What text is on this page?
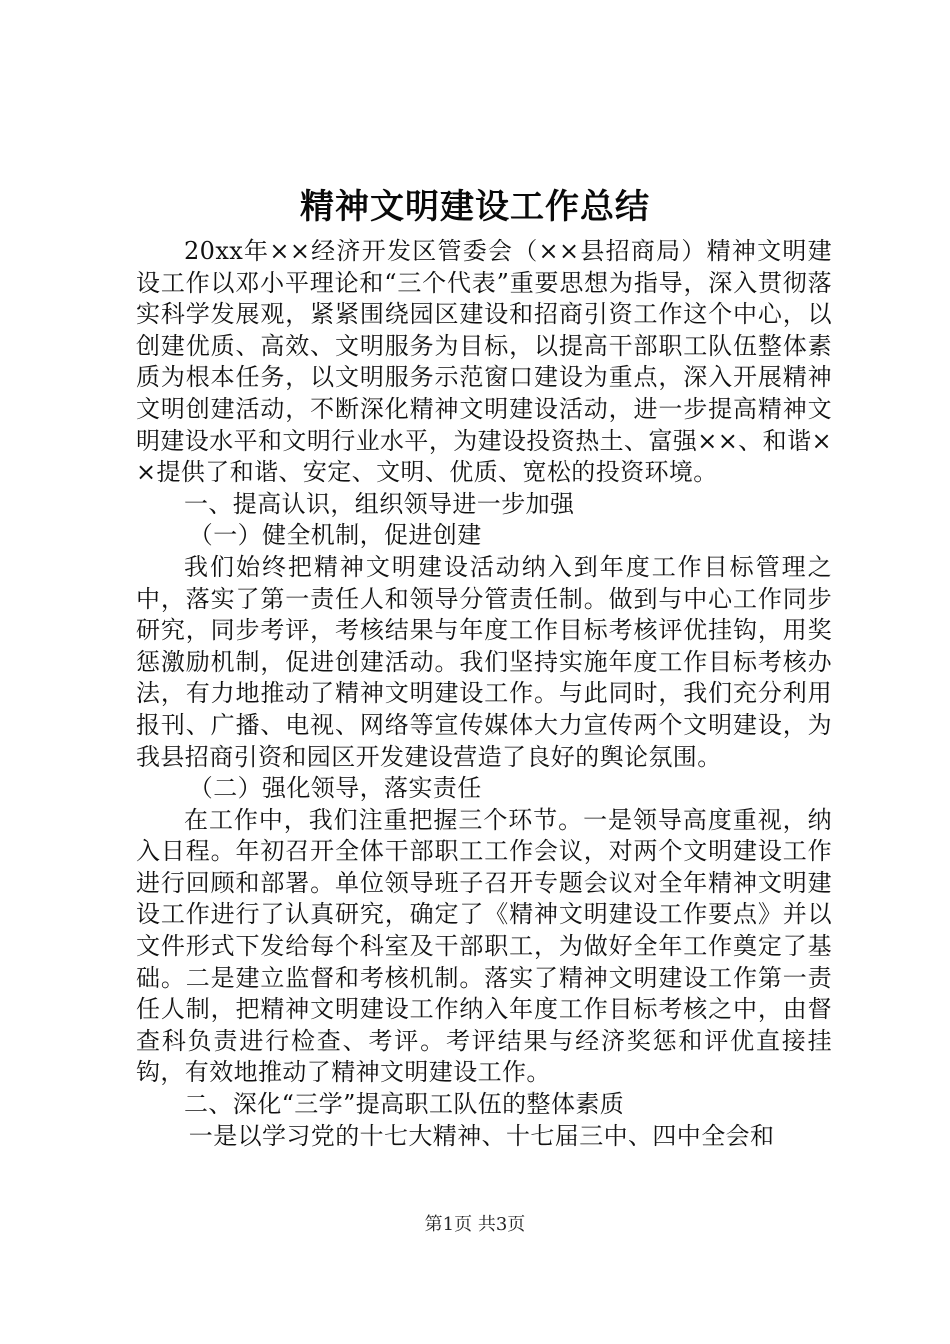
精神文明建设工作总结

20xx年××经济开发区管委会（××县招商局）精神文明建设工作以邓小平理论和“三个代表”重要思想为指导，深入贯彻落实科学发展观，紧紧围绕园区建设和招商引资工作这个中心，以创建优质、高效、文明服务为目标，以提高干部职工队伍整体素质为根本任务，以文明服务示范窗口建设为重点，深入开展精神文明创建活动，不断深化精神文明建设活动，进一步提高精神文明建设水平和文明行业水平，为建设投资热土、富强××、和谐××提供了和谐、安定、文明、优质、宽松的投资环境。

一、提高认识，组织领导进一步加强

（一）健全机制，促进创建

我们始终把精神文明建设活动纳入到年度工作目标管理之中，落实了第一责任人和领导分管责任制。做到与中心工作同步研究，同步考评，考核结果与年度工作目标考核评优挂钩，用奖惩激励机制，促进创建活动。我们坚持实施年度工作目标考核办法，有力地推动了精神文明建设工作。与此同时，我们充分利用报刊、广播、电视、网络等宣传媒体大力宣传两个文明建设，为我县招商引资和园区开发建设营造了良好的舆论氛围。

（二）强化领导，落实责任

在工作中，我们注重把握三个环节。一是领导高度重视，纳入日程。年初召开全体干部职工工作会议，对两个文明建设工作进行回顾和部署。单位领导班子召开专题会议对全年精神文明建设工作进行了认真研究，确定了《精神文明建设工作要点》并以文件形式下发给每个科室及干部职工，为做好全年工作奠定了基础。二是建立监督和考核机制。落实了精神文明建设工作第一责任人制，把精神文明建设工作纳入年度工作目标考核之中，由督查科负责进行检查、考评。考评结果与经济奖惩和评优直接挂钩，有效地推动了精神文明建设工作。

二、深化“三学”提高职工队伍的整体素质

一是以学习党的十七大精神、十七届三中、四中全会和

第1页 共3页
